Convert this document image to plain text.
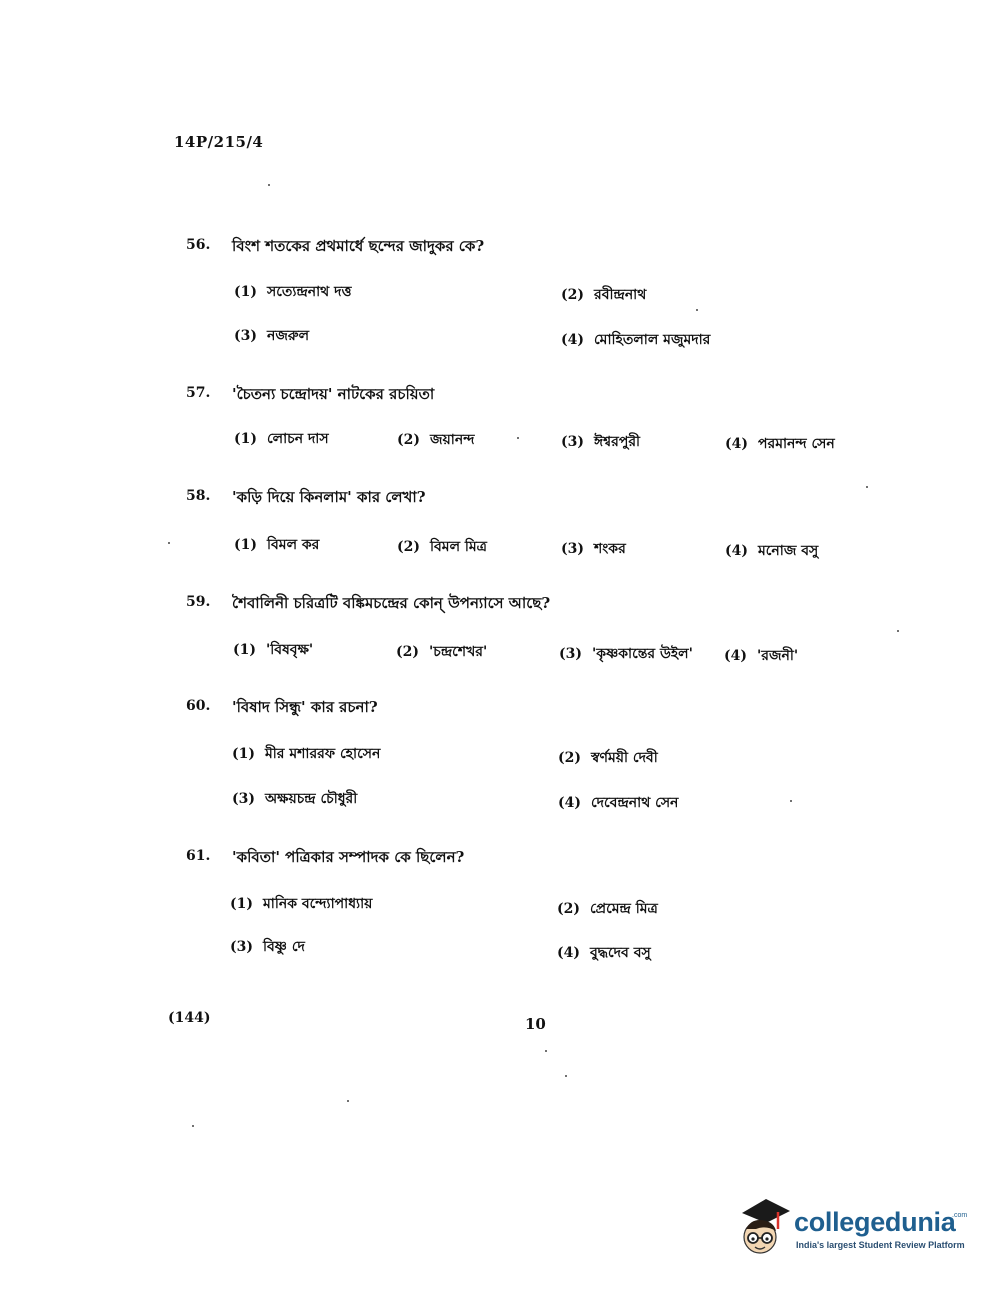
14P/215/4
56. বিংশ শতকের প্রথমার্ধে ছন্দের জাদুকর কে?
(1) সত্যেন্দ্রনাথ দত্ত	(2) রবীন্দ্রনাথ
(3) নজরুল	(4) মোহিতলাল মজুমদার
57. 'চৈতন্য চন্দ্রোদয়' নাটকের রচয়িতা
(1) লোচন দাস	(2) জয়ানন্দ	(3) ঈশ্বরপুরী	(4) পরমানন্দ সেন
58. 'কড়ি দিয়ে কিনলাম' কার লেখা?
(1) বিমল কর	(2) বিমল মিত্র	(3) শংকর	(4) মনোজ বসু
59. শৈবালিনী চরিত্রটি বঙ্কিমচন্দ্রের কোন্ উপন্যাসে আছে?
(1) 'বিষবৃক্ষ'	(2) 'চন্দ্রশেখর'	(3) 'কৃষ্ণকান্তের উইল' (4) 'রজনী'
60. 'বিষাদ সিন্ধু' কার রচনা?
(1) মীর মশাররফ হোসেন	(2) স্বর্ণময়ী দেবী
(3) অক্ষয়চন্দ্র চৌধুরী	(4) দেবেন্দ্রনাথ সেন
61. 'কবিতা' পত্রিকার সম্পাদক কে ছিলেন?
(1) মানিক বন্দ্যোপাধ্যায়	(2) প্রেমেন্দ্র মিত্র
(3) বিষ্ণু দে	(4) বুদ্ধদেব বসু
(144)	10
collegedunia
.com
India's largest Student Review Platform
